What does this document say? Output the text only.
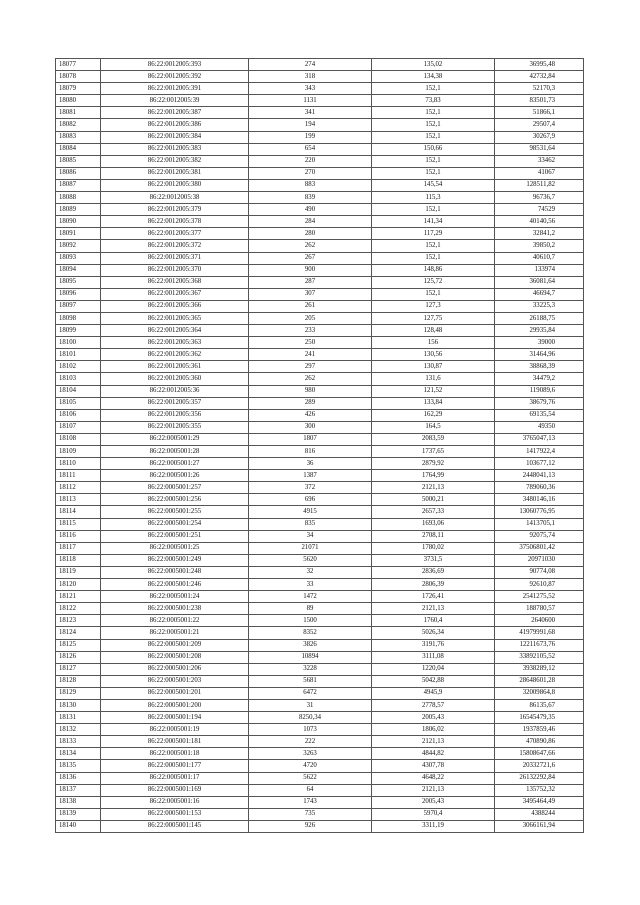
18077	86:22:0012005:393	274	135,02	36995,48
18078	86:22:0012005:392	318	134,38	42732,84
18079	86:22:0012005:391	343	152,1	52170,3
18080	86:22:0012005:39	1131	73,83	83501,73
18081	86:22:0012005:387	341	152,1	51866,1
18082	86:22:0012005:386	194	152,1	29507,4
18083	86:22:0012005:384	199	152,1	30267,9
18084	86:22:0012005:383	654	150,66	98531,64
18085	86:22:0012005:382	220	152,1	33462
18086	86:22:0012005:381	270	152,1	41067
18087	86:22:0012005:380	883	145,54	128511,82
18088	86:22:0012005:38	839	115,3	96736,7
18089	86:22:0012005:379	490	152,1	74529
18090	86:22:0012005:378	284	141,34	40140,56
18091	86:22:0012005:377	280	117,29	32841,2
18092	86:22:0012005:372	262	152,1	39850,2
18093	86:22:0012005:371	267	152,1	40610,7
18094	86:22:0012005:370	900	148,86	133974
18095	86:22:0012005:368	287	125,72	36081,64
18096	86:22:0012005:367	307	152,1	46694,7
18097	86:22:0012005:366	261	127,3	33225,3
18098	86:22:0012005:365	205	127,75	26188,75
18099	86:22:0012005:364	233	128,48	29935,84
18100	86:22:0012005:363	250	156	39000
18101	86:22:0012005:362	241	130,56	31464,96
18102	86:22:0012005:361	297	130,87	38868,39
18103	86:22:0012005:360	262	131,6	34479,2
18104	86:22:0012005:36	980	121,52	119089,6
18105	86:22:0012005:357	289	133,84	38679,76
18106	86:22:0012005:356	426	162,29	69135,54
18107	86:22:0012005:355	300	164,5	49350
18108	86:22:0005001:29	1807	2083,59	3765047,13
18109	86:22:0005001:28	816	1737,65	1417922,4
18110	86:22:0005001:27	36	2879,92	103677,12
18111	86:22:0005001:26	1387	1764,99	2448041,13
18112	86:22:0005001:257	372	2121,13	789060,36
18113	86:22:0005001:256	696	5000,21	3480146,16
18114	86:22:0005001:255	4915	2657,33	13060776,95
18115	86:22:0005001:254	835	1693,06	1413705,1
18116	86:22:0005001:251	34	2708,11	92075,74
18117	86:22:0005001:25	21071	1780,02	37506801,42
18118	86:22:0005001:249	5620	3731,5	20971030
18119	86:22:0005001:248	32	2836,69	90774,08
18120	86:22:0005001:246	33	2806,39	92610,87
18121	86:22:0005001:24	1472	1726,41	2541275,52
18122	86:22:0005001:238	89	2121,13	188780,57
18123	86:22:0005001:22	1500	1760,4	2640600
18124	86:22:0005001:21	8352	5026,34	41979991,68
18125	86:22:0005001:209	3826	3191,76	12211673,76
18126	86:22:0005001:208	10894	3111,08	33892105,52
18127	86:22:0005001:206	3228	1220,04	3938289,12
18128	86:22:0005001:203	5681	5042,88	28648601,28
18129	86:22:0005001:201	6472	4945,9	32009864,8
18130	86:22:0005001:200	31	2778,57	86135,67
18131	86:22:0005001:194	8250,34	2005,43	16545479,35
18132	86:22:0005001:19	1073	1806,02	1937859,46
18133	86:22:0005001:181	222	2121,13	470890,86
18134	86:22:0005001:18	3263	4844,82	15808647,66
18135	86:22:0005001:177	4720	4307,78	20332721,6
18136	86:22:0005001:17	5622	4648,22	26132292,84
18137	86:22:0005001:169	64	2121,13	135752,32
18138	86:22:0005001:16	1743	2005,43	3495464,49
18139	86:22:0005001:153	735	5970,4	4388244
18140	86:22:0005001:145	926	3311,19	3066161,94
